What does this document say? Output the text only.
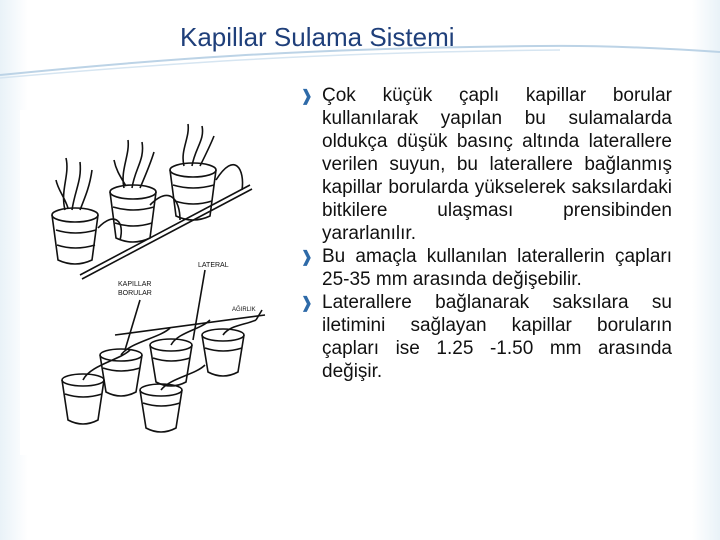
Kapillar Sulama Sistemi
LATERAL
KAPILLAR
BORULAR
AĞIRLIK

❱ Çok küçük çaplı kapillar borular kullanılarak yapılan bu sulamalarda oldukça düşük basınç altında laterallere verilen suyun, bu laterallere bağlanmış kapillar borularda yükselerek saksılardaki bitkilere ulaşması prensibinden yararlanılır.

❱ Bu amaçla kullanılan laterallerin çapları 25-35 mm arasında değişebilir.

❱ Laterallere bağlanarak saksılara su iletimini sağlayan kapillar boruların çapları ise 1.25 -1.50 mm arasında değişir.
